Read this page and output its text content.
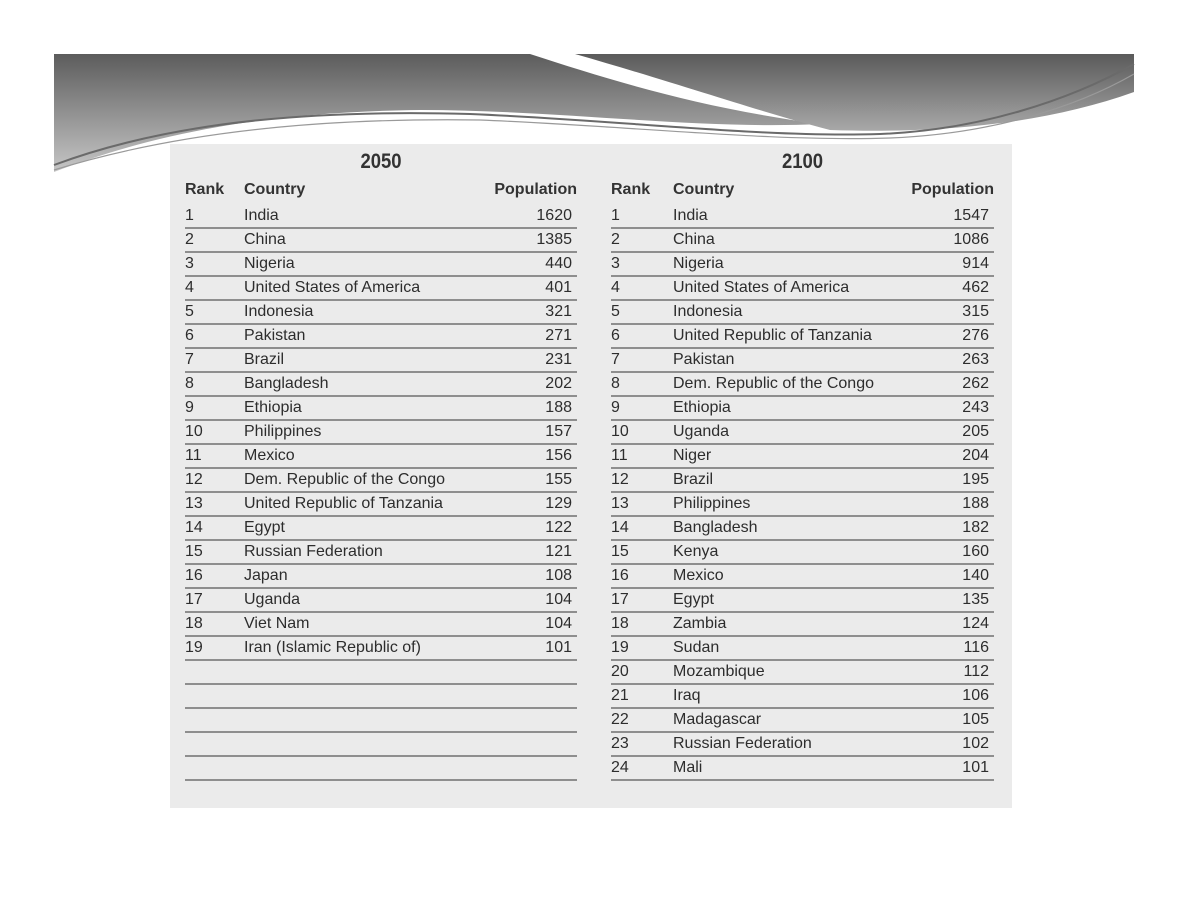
2050
Rank Country	Population
1	India	1620
2	China	1385
3	Nigeria	440
4	United States of America	401
5	Indonesia	321
6	Pakistan	271
7	Brazil	231
8	Bangladesh	202
9	Ethiopia	188
10	Philippines	157
11	Mexico	156
12	Dem. Republic of the Congo	155
13	United Republic of Tanzania	129
14	Egypt	122
15	Russian Federation	121
16	Japan	108
17	Uganda	104
18	Viet Nam	104
19	Iran (Islamic Republic of)	101
2100
Rank Country	Population
1	India	1547
2	China	1086
3	Nigeria	914
4	United States of America	462
5	Indonesia	315
6	United Republic of Tanzania	276
7	Pakistan	263
8	Dem. Republic of the Congo	262
9	Ethiopia	243
10	Uganda	205
11	Niger	204
12	Brazil	195
13	Philippines	188
14	Bangladesh	182
15	Kenya	160
16	Mexico	140
17	Egypt	135
18	Zambia	124
19	Sudan	116
20	Mozambique	112
21	Iraq	106
22	Madagascar	105
23	Russian Federation	102
24	Mali	101
